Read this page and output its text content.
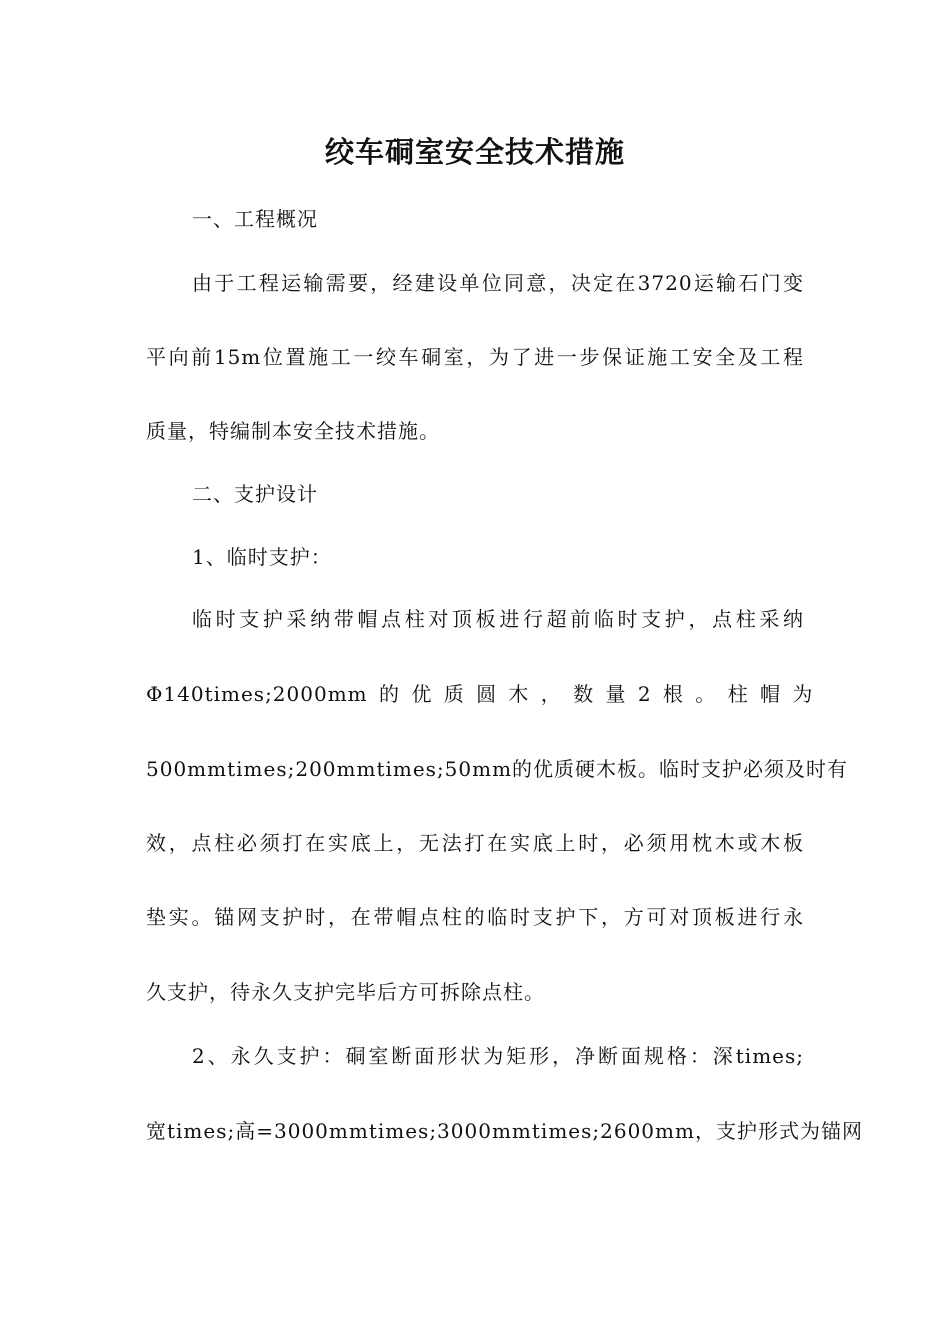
绞车硐室安全技术措施
一、工程概况
由于工程运输需要，经建设单位同意，决定在3720运输石门变
平向前15m位置施工一绞车硐室，为了进一步保证施工安全及工程
质量，特编制本安全技术措施。
二、支护设计
1、临时支护：
临时支护采纳带帽点柱对顶板进行超前临时支护，点柱采纳
Φ140times;2000mm 的 优 质 圆 木 ， 数 量 2 根 。 柱 帽 为
500mmtimes;200mmtimes;50mm的优质硬木板。临时支护必须及时有
效，点柱必须打在实底上，无法打在实底上时，必须用枕木或木板
垫实。锚网支护时，在带帽点柱的临时支护下，方可对顶板进行永
久支护，待永久支护完毕后方可拆除点柱。
2、永久支护：硐室断面形状为矩形，净断面规格：深times;
宽times;高=3000mmtimes;3000mmtimes;2600mm，支护形式为锚网
